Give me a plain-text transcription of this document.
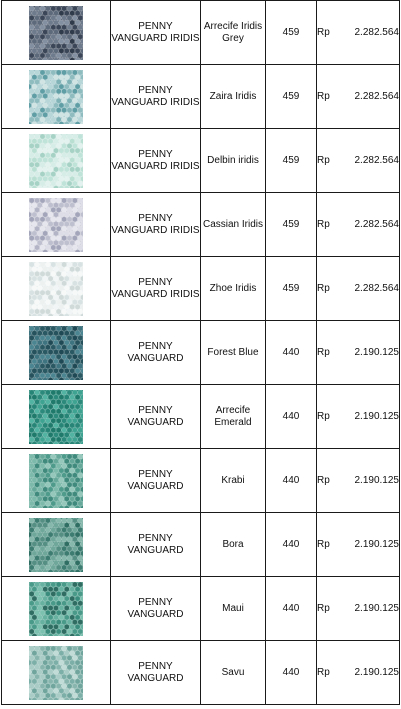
	PENNY VANGUARD IRIDIS	Arrecife Iridis Grey	459	Rp 2.282.564

	PENNY VANGUARD IRIDIS	Zaira Iridis	459	Rp 2.282.564

	PENNY VANGUARD IRIDIS	Delbin iridis	459	Rp 2.282.564

	PENNY VANGUARD IRIDIS	Cassian Iridis	459	Rp 2.282.564

	PENNY VANGUARD IRIDIS	Zhoe Iridis	459	Rp 2.282.564

	PENNY VANGUARD	Forest Blue	440	Rp 2.190.125

	PENNY VANGUARD	Arrecife Emerald	440	Rp 2.190.125

	PENNY VANGUARD	Krabi	440	Rp 2.190.125

	PENNY VANGUARD	Bora	440	Rp 2.190.125

	PENNY VANGUARD	Maui	440	Rp 2.190.125

	PENNY VANGUARD	Savu	440	Rp 2.190.125
